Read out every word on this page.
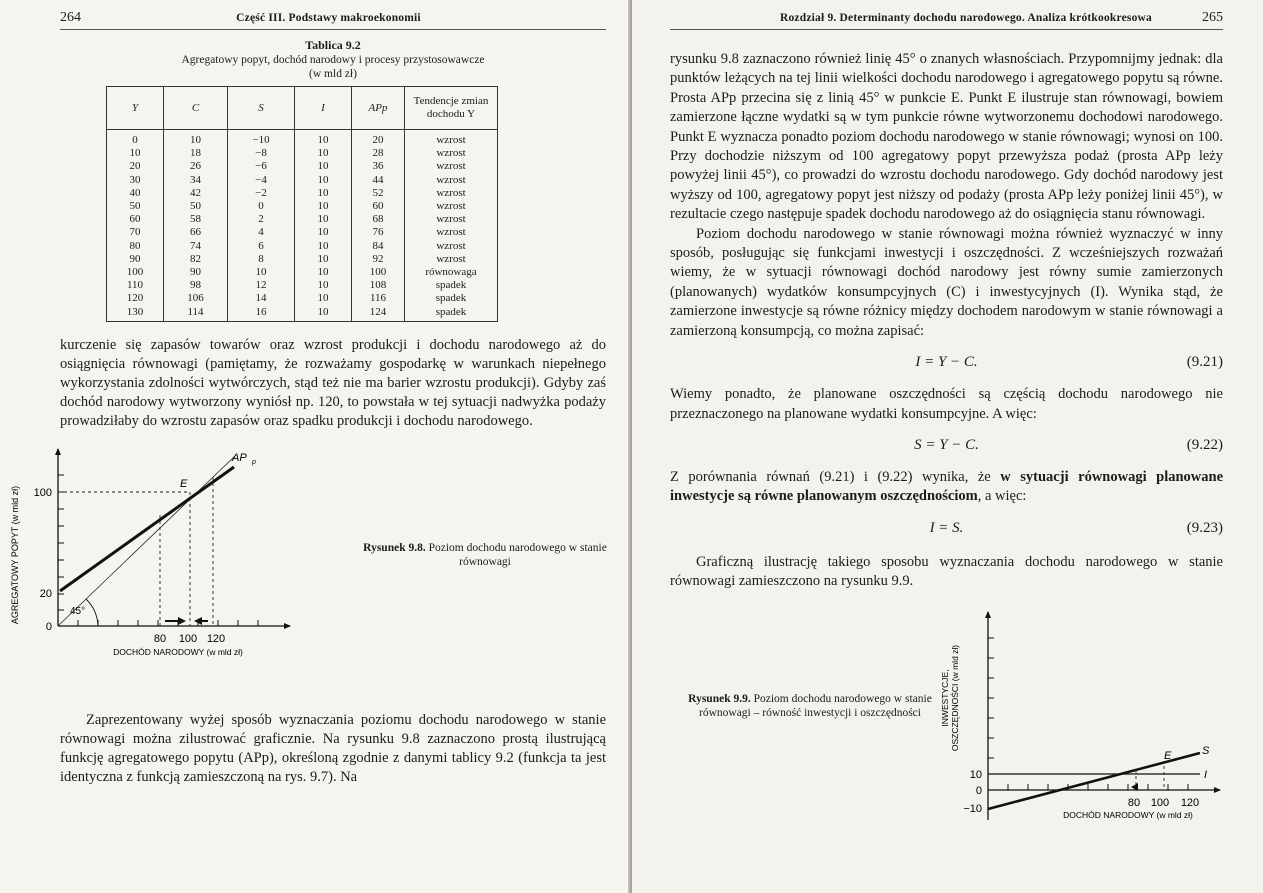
264	Część III. Podstawy makroekonomii
Tablica 9.2
Agregatowy popyt, dochód narodowy i procesy przystosowawcze
(w mld zł)
Y	C	S	I	APp	Tendencje zmian dochodu Y
0	10	−10	10	20	wzrost
10	18	−8	10	28	wzrost
20	26	−6	10	36	wzrost
30	34	−4	10	44	wzrost
40	42	−2	10	52	wzrost
50	50	0	10	60	wzrost
60	58	2	10	68	wzrost
70	66	4	10	76	wzrost
80	74	6	10	84	wzrost
90	82	8	10	92	wzrost
100	90	10	10	100	równowaga
110	98	12	10	108	spadek
120	106	14	10	116	spadek
130	114	16	10	124	spadek

kurczenie się zapasów towarów oraz wzrost produkcji i dochodu narodowego aż do osiągnięcia równowagi (pamiętamy, że rozważamy gospodarkę w warunkach niepełnego wykorzystania zdolności wytwórczych, stąd też nie ma barier wzrostu produkcji). Gdyby zaś dochód narodowy wytworzony wyniósł np. 120, to powstała w tej sytuacji nadwyżka podaży prowadziłaby do wzrostu zapasów oraz spadku produkcji i dochodu narodowego.

AGREGATOWY POPYT (w mld zł)	45°
AP p
E
100
20
0
80 100 120
DOCHÓD NARODOWY (w mld zł)
Rysunek 9.8. Poziom dochodu narodowego w stanie równowagi

Zaprezentowany wyżej sposób wyznaczania poziomu dochodu narodowego w stanie równowagi można zilustrować graficznie. Na rysunku 9.8 zaznaczono prostą ilustrującą funkcję agregatowego popytu (APp), określoną zgodnie z danymi tablicy 9.2 (funkcja ta jest identyczna z funkcją zamieszczoną na rys. 9.7). Na

Rozdział 9. Determinanty dochodu narodowego. Analiza krótkookresowa	265

rysunku 9.8 zaznaczono również linię 45° o znanych własnościach. Przypomnijmy jednak: dla punktów leżących na tej linii wielkości dochodu narodowego i agregatowego popytu są równe. Prosta APp przecina się z linią 45° w punkcie E. Punkt E ilustruje stan równowagi, bowiem zamierzone łączne wydatki są w tym punkcie równe wytworzonemu dochodowi narodowego. Punkt E wyznacza ponadto poziom dochodu narodowego w stanie równowagi; wynosi on 100. Przy dochodzie niższym od 100 agregatowy popyt przewyższa podaż (prosta APp leży powyżej linii 45°), co prowadzi do wzrostu dochodu narodowego. Gdy dochód narodowy jest wyższy od 100, agregatowy popyt jest niższy od podaży (prosta APp leży poniżej linii 45°), w rezultacie czego następuje spadek dochodu narodowego aż do osiągnięcia stanu równowagi.

Poziom dochodu narodowego w stanie równowagi można również wyznaczyć w inny sposób, posługując się funkcjami inwestycji i oszczędności. Z wcześniejszych rozważań wiemy, że w sytuacji równowagi dochód narodowy jest równy sumie zamierzonych (planowanych) wydatków konsumpcyjnych (C) i inwestycyjnych (I). Wynika stąd, że zamierzone inwestycje są równe różnicy między dochodem narodowym w stanie równowagi a zamierzoną konsumpcją, co można zapisać:

I = Y − C.	(9.21)

Wiemy ponadto, że planowane oszczędności są częścią dochodu narodowego nie przeznaczonego na planowane wydatki konsumpcyjne. A więc:

S = Y − C.	(9.22)

Z porównania równań (9.21) i (9.22) wynika, że w sytuacji równowagi planowane inwestycje są równe planowanym oszczędnościom, a więc:

I = S.	(9.23)

Graficzną ilustrację takiego sposobu wyznaczania dochodu narodowego w stanie równowagi zamieszczono na rysunku 9.9.

Rysunek 9.9. Poziom dochodu narodowego w stanie równowagi – równość inwestycji i oszczędności	INWESTYCJE, OSZCZĘDNOŚCI (w mld zł)
E	S
I
10
0
−10	80 100 120
DOCHÓD NARODOWY (w mld zł)
